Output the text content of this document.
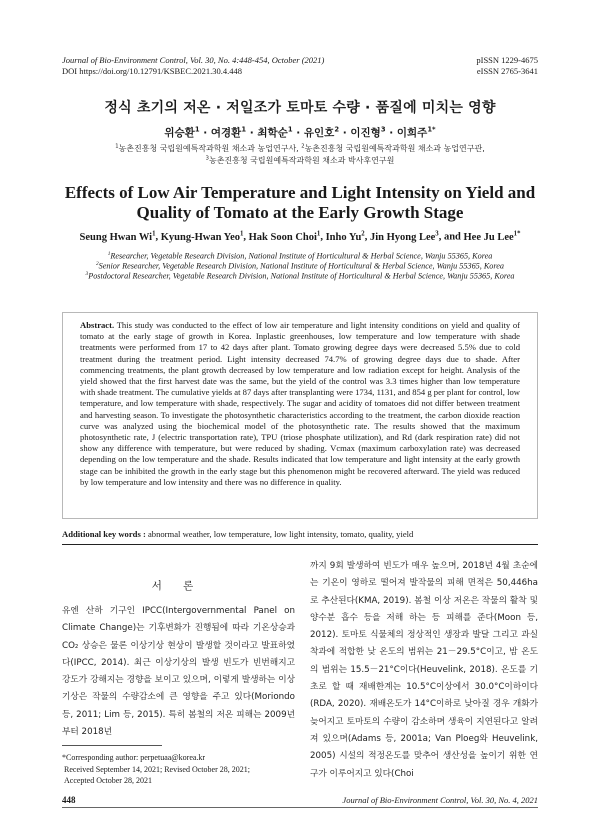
Journal of Bio-Environment Control, Vol. 30, No. 4:448-454, October (2021)
DOI https://doi.org/10.12791/KSBEC.2021.30.4.448
pISSN 1229-4675
eISSN 2765-3641
정식 초기의 저온 · 저일조가 토마토 수량 · 품질에 미치는 영향
위승환$^1$ · 여경환$^1$ · 최학순$^1$ · 유인호$^2$ · 이진형$^3$ · 이희주$^{1*}$
$^1$농촌진흥청 국립원예특작과학원 채소과 농업연구사, $^2$농촌진흥청 국립원예특작과학원 채소과 농업연구관,
$^3$농촌진흥청 국립원예특작과학원 채소과 박사후연구원
Effects of Low Air Temperature and Light Intensity on Yield and Quality of Tomato at the Early Growth Stage
Seung Hwan Wi$^1$, Kyung-Hwan Yeo$^1$, Hak Soon Choi$^1$, Inho Yu$^2$, Jin Hyong Lee$^3$, and Hee Ju Lee$^{1*}$
$^1$Researcher, Vegetable Research Division, National Institute of Horticultural & Herbal Science, Wanju 55365, Korea
$^2$Senior Researcher, Vegetable Research Division, National Institute of Horticultural & Herbal Science, Wanju 55365, Korea
$^3$Postdoctoral Researcher, Vegetable Research Division, National Institute of Horticultural & Herbal Science, Wanju 55365, Korea
Abstract. This study was conducted to the effect of low air temperature and light intensity conditions on yield and quality of tomato at the early stage of growth in Korea. Inplastic greenhouses, low temperature and low temperature with shade treatments were performed from 17 to 42 days after plant. Tomato growing degree days were decreased 5.5% due to cold treatment during the treatment period. Light intensity decreased 74.7% of growing degree days due to shade. After commencing treatments, the plant growth decreased by low temperature and low radiation except for height. Analysis of the yield showed that the first harvest date was the same, but the yield of the control was 3.3 times higher than low temperature with shade treatment. The cumulative yields at 87 days after transplanting were 1734, 1131, and 854 g per plant for control, low temperature, and low temperature with shade, respectively. The sugar and acidity of tomatoes did not differ between treatment and harvesting season. To investigate the photosynthetic characteristics according to the treatment, the carbon dioxide reaction curve was analyzed using the biochemical model of the photosynthetic rate. The results showed that the maximum photosynthetic rate, J (electric transportation rate), TPU (triose phosphate utilization), and Rd (dark respiration rate) did not show any difference with temperature, but were reduced by shading. Vcmax (maximum carboxylation rate) was decreased depending on the low temperature and the shade. Results indicated that low temperature and light intensity at the early growth stage can be inhibited the growth in the early stage but this phenomenon might be recovered afterward. The yield was reduced by low temperature and low intensity and there was no difference in quality.
Additional key words : abnormal weather, low temperature, low light intensity, tomato, quality, yield
서 론
유엔 산하 기구인 IPCC(Intergovernmental Panel on Climate Change)는 기후변화가 진행됨에 따라 기온상승과 CO₂ 상승은 물론 이상기상 현상이 발생할 것이라고 발표하였다(IPCC, 2014). 최근 이상기상의 발생 빈도가 빈번해지고 강도가 강해지는 경향을 보이고 있으며, 이렇게 발생하는 이상기상은 작물의 수량감소에 큰 영향을 주고 있다(Moriondo 등, 2011; Lim 등, 2015). 특히 봄철의 저온 피해는 2009년부터 2018년
까지 9회 발생하여 빈도가 매우 높으며, 2018년 4월 초순에는 기온이 영하로 떨어져 발작물의 피해 면적은 50,446ha로 추산된다(KMA, 2019). 봄철 이상 저온은 작물의 활착 및 양수분 흡수 등을 저해 하는 등 피해를 준다(Moon 등, 2012). 토마토 식물체의 정상적인 생장과 발달 그리고 과실 착과에 적합한 낮 온도의 범위는 21－29.5°C이고, 밤 온도의 범위는 15.5－21°C이다(Heuvelink, 2018). 온도를 기초로 할 때 재배한계는 10.5°C이상에서 30.0°C이하이다(RDA, 2020). 재배온도가 14°C이하로 낮아질 경우 개화가 늦어지고 토마토의 수량이 감소하며 생육이 지연된다고 알려져 있으며(Adams 등, 2001a; Van Ploeg와 Heuvelink, 2005) 시설의 적정온도를 맞추어 생산성을 높이기 위한 연구가 이루어지고 있다(Choi
*Corresponding author: perpetuaa@korea.kr
Received September 14, 2021; Revised October 28, 2021;
Accepted October 28, 2021
448	Journal of Bio-Environment Control, Vol. 30, No. 4, 2021
